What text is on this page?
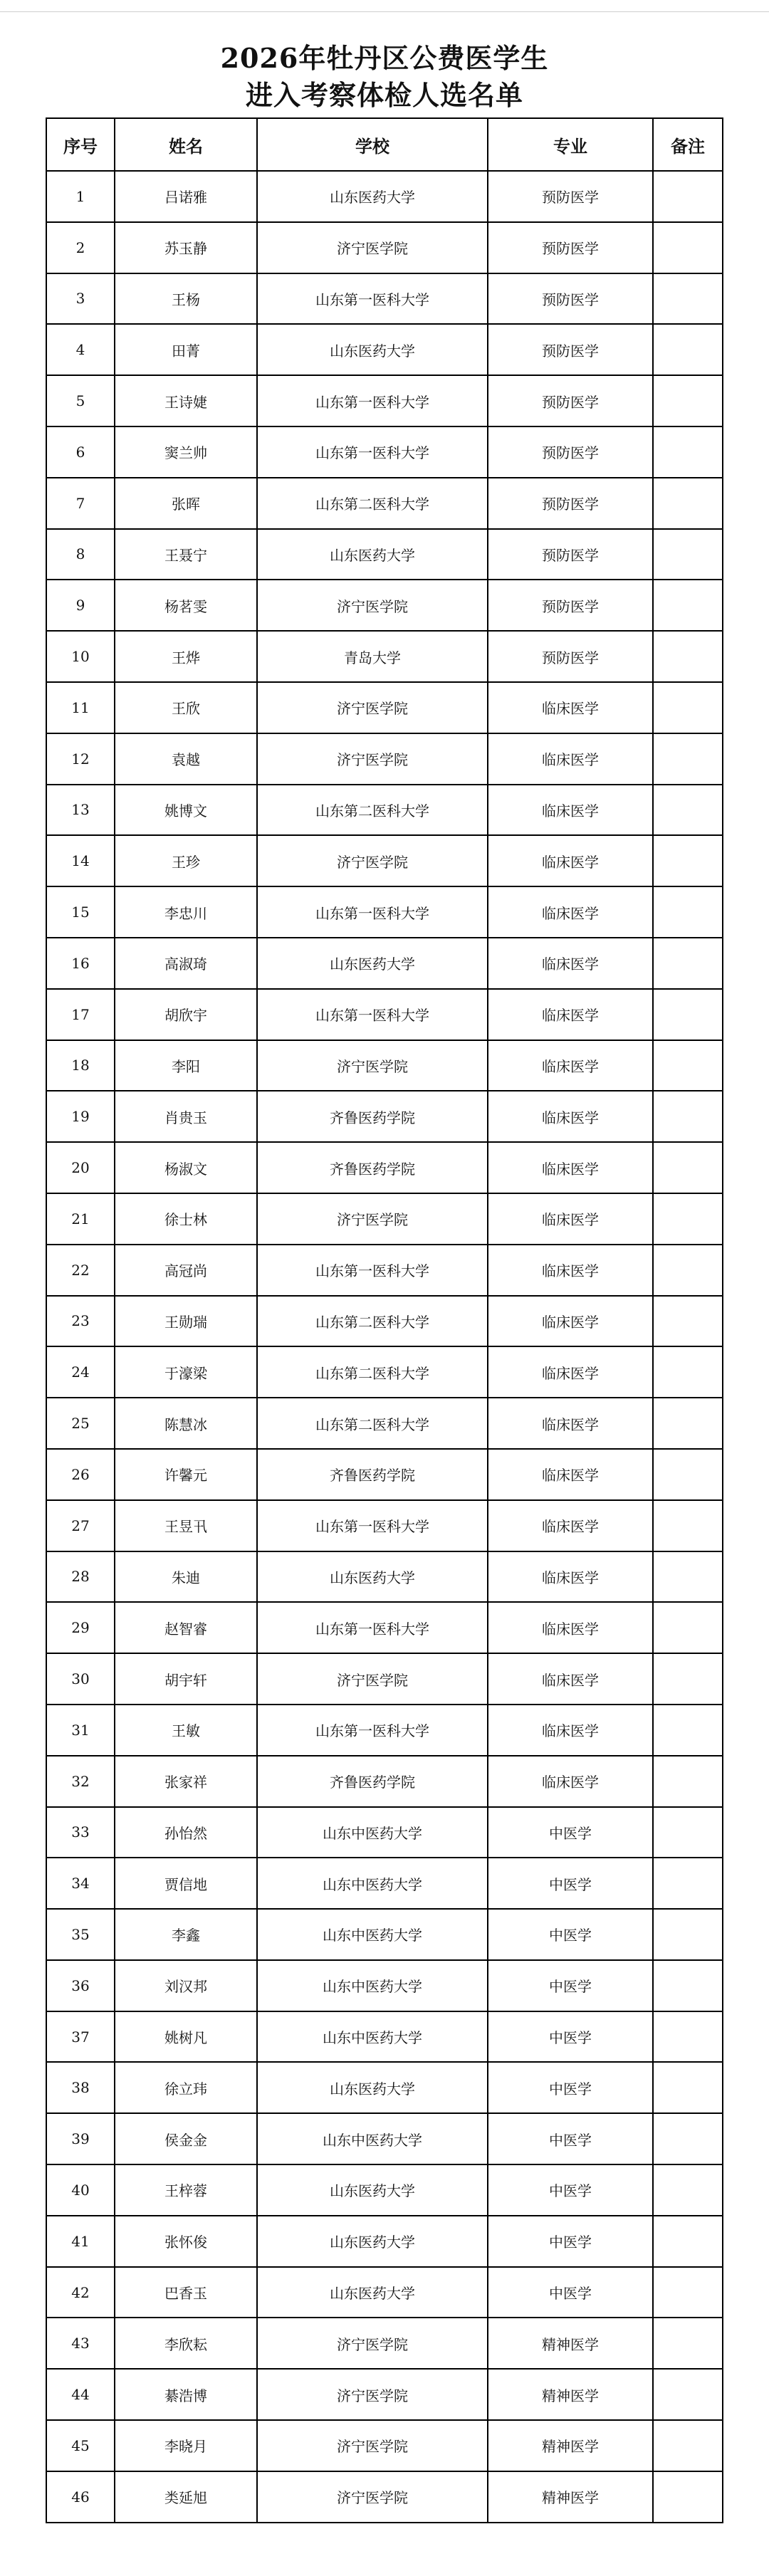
2026年牡丹区公费医学生
进入考察体检人选名单
序号	姓名	学校	专业	备注
1	吕诺雅	山东医药大学	预防医学	
2	苏玉静	济宁医学院	预防医学	
3	王杨	山东第一医科大学	预防医学	
4	田菁	山东医药大学	预防医学	
5	王诗婕	山东第一医科大学	预防医学	
6	窦兰帅	山东第一医科大学	预防医学	
7	张晖	山东第二医科大学	预防医学	
8	王聂宁	山东医药大学	预防医学	
9	杨茗雯	济宁医学院	预防医学	
10	王烨	青岛大学	预防医学	
11	王欣	济宁医学院	临床医学	
12	袁越	济宁医学院	临床医学	
13	姚博文	山东第二医科大学	临床医学	
14	王珍	济宁医学院	临床医学	
15	李忠川	山东第一医科大学	临床医学	
16	高淑琦	山东医药大学	临床医学	
17	胡欣宇	山东第一医科大学	临床医学	
18	李阳	济宁医学院	临床医学	
19	肖贵玉	齐鲁医药学院	临床医学	
20	杨淑文	齐鲁医药学院	临床医学	
21	徐士林	济宁医学院	临床医学	
22	高冠尚	山东第一医科大学	临床医学	
23	王勋瑞	山东第二医科大学	临床医学	
24	于濠梁	山东第二医科大学	临床医学	
25	陈慧冰	山东第二医科大学	临床医学	
26	许馨元	齐鲁医药学院	临床医学	
27	王昱卂	山东第一医科大学	临床医学	
28	朱迪	山东医药大学	临床医学	
29	赵智睿	山东第一医科大学	临床医学	
30	胡宇轩	济宁医学院	临床医学	
31	王敏	山东第一医科大学	临床医学	
32	张家祥	齐鲁医药学院	临床医学	
33	孙怡然	山东中医药大学	中医学	
34	贾信地	山东中医药大学	中医学	
35	李鑫	山东中医药大学	中医学	
36	刘汉邦	山东中医药大学	中医学	
37	姚树凡	山东中医药大学	中医学	
38	徐立玮	山东医药大学	中医学	
39	侯金金	山东中医药大学	中医学	
40	王梓蓉	山东医药大学	中医学	
41	张怀俊	山东医药大学	中医学	
42	巴香玉	山东医药大学	中医学	
43	李欣耘	济宁医学院	精神医学	
44	綦浩博	济宁医学院	精神医学	
45	李晓月	济宁医学院	精神医学	
46	类延旭	济宁医学院	精神医学	
